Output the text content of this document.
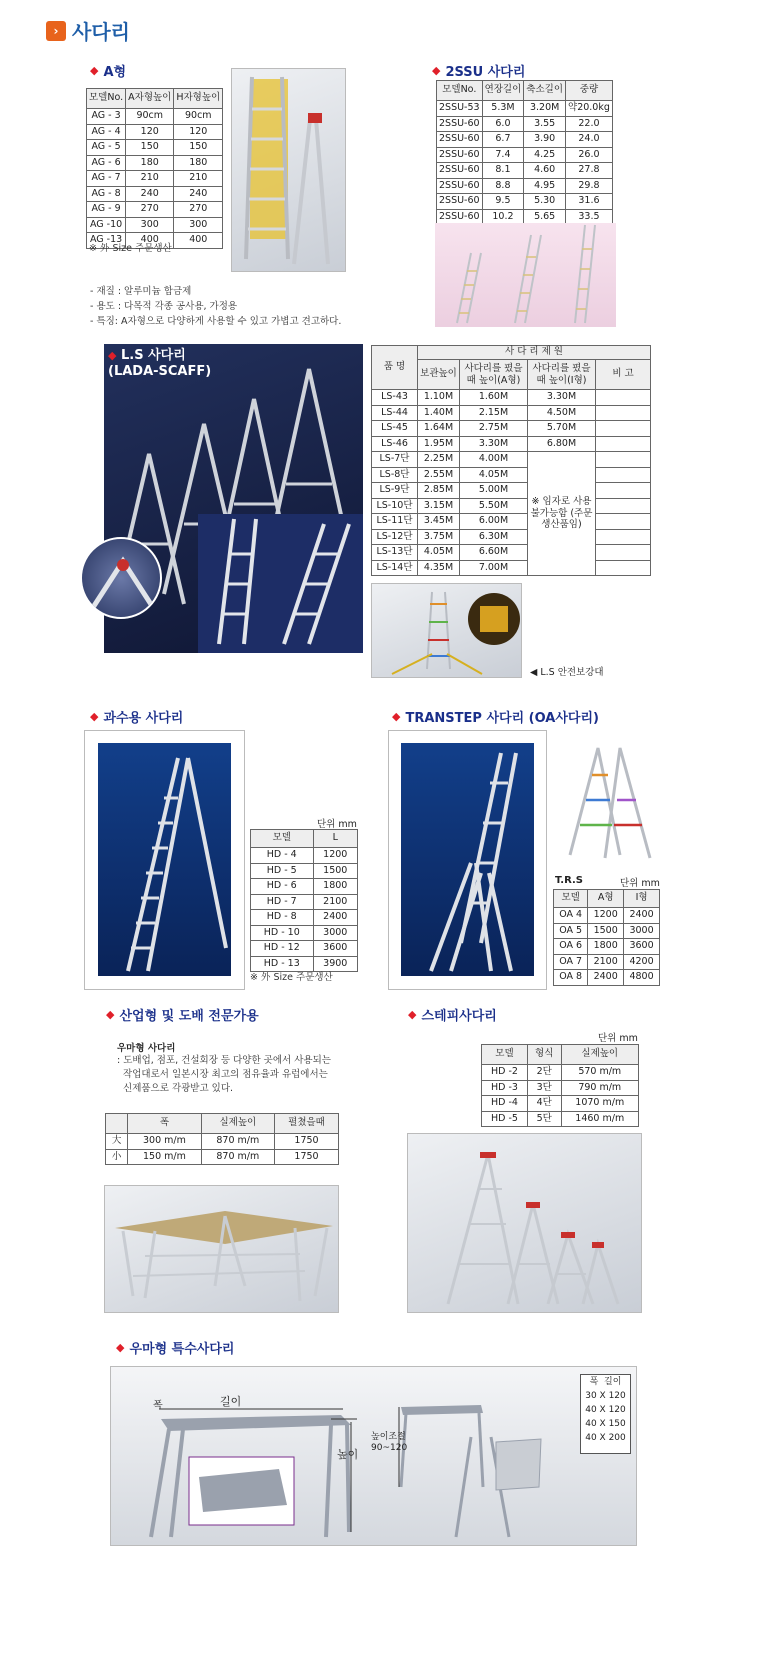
› 사다리
◆ A형
모델No.	A자형높이	H자형높이
AG - 3	90cm	90cm
AG - 4	120	120
AG - 5	150	150
AG - 6	180	180
AG - 7	210	210
AG - 8	240	240
AG - 9	270	270
AG -10	300	300
AG -13	400	400
※ 外 Size 주문생산
- 재질 : 알루미늄 합금제
- 용도 : 다목적 각종 공사용, 가정용
- 특징: A자형으로 다양하게 사용할 수 있고 가볍고 견고하다.
◆ 2SSU 사다리
모델No.	연장길이	축소길이	중량
2SSU-53	5.3M	3.20M	약20.0kg
2SSU-60	6.0	3.55	22.0
2SSU-60	6.7	3.90	24.0
2SSU-60	7.4	4.25	26.0
2SSU-60	8.1	4.60	27.8
2SSU-60	8.8	4.95	29.8
2SSU-60	9.5	5.30	31.6
2SSU-60	10.2	5.65	33.5
◆ L.S 사다리
(LADA-SCAFF)	품 명	사 다 리 제 원			
	보관높이	사다리를 폈을때 높이(A형)	사다리를 폈을때 높이(I형)	비 고
LS-43	1.10M	1.60M	3.30M	
LS-44	1.40M	2.15M	4.50M	
LS-45	1.64M	2.75M	5.70M	
LS-46	1.95M	3.30M	6.80M	
LS-7단	2.25M	4.00M	※ 임자로 사용불가능함 (주문생산품임)	
LS-8단	2.55M	4.05M		
LS-9단	2.85M	5.00M		
LS-10단	3.15M	5.50M		
LS-11단	3.45M	6.00M		
LS-12단	3.75M	6.30M		
LS-13단	4.05M	6.60M		
LS-14단	4.35M	7.00M		
◀ L.S 안전보강대
◆ 과수용 사다리
단위 mm
모델	L
HD - 4	1200
HD - 5	1500
HD - 6	1800
HD - 7	2100
HD - 8	2400
HD - 10	3000
HD - 12	3600
HD - 13	3900
※ 外 Size 주문생산
◆ TRANSTEP 사다리 (OA사다리)
T.R.S	단위 mm
모델	A형	I형
OA 4	1200	2400
OA 5	1500	3000
OA 6	1800	3600
OA 7	2100	4200
OA 8	2400	4800
◆ 산업형 및 도배 전문가용
우마형 사다리
: 도배업, 점포, 건설회장 등 다양한 곳에서 사용되는
작업대로서 일본시장 최고의 점유율과 유럽에서는
신제품으로 각광받고 있다.
	폭	실제높이	펼쳤을때
大	300 m/m	870 m/m	1750
小	150 m/m	870 m/m	1750
◆ 스테피사다리
단위 mm
모델	형식	실제높이
HD -2	2단	570 m/m
HD -3	3단	790 m/m
HD -4	4단	1070 m/m
HD -5	5단	1460 m/m
◆ 우마형 특수사다리
폭	길이
높이
높이조절
90~120
폭  길이
30 X 120
40 X 120
40 X 150
40 X 200
